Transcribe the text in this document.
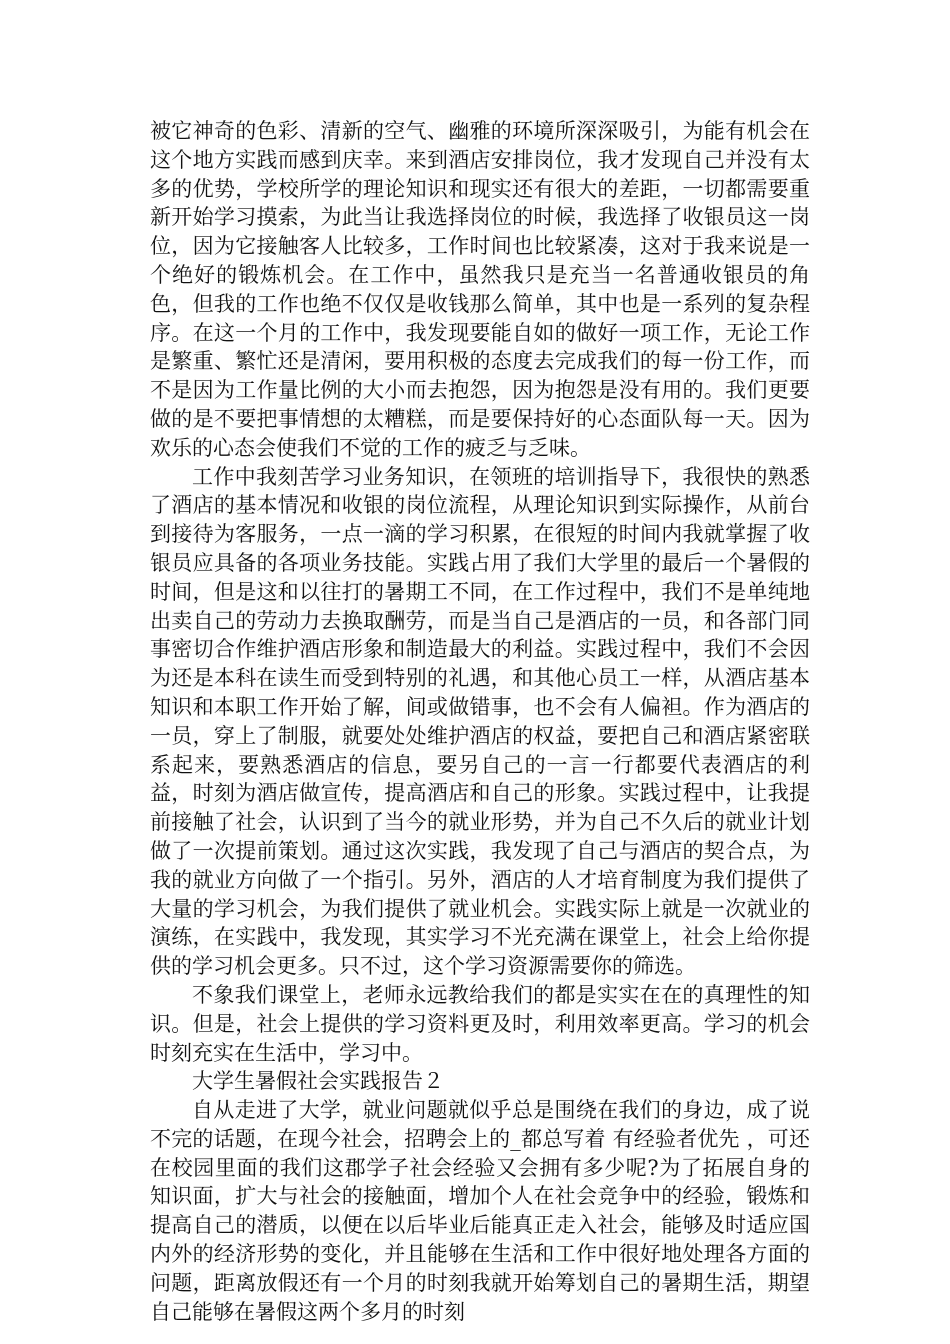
被它神奇的色彩、清新的空气、幽雅的环境所深深吸引，为能有机会在这个地方实践而感到庆幸。来到酒店安排岗位，我才发现自己并没有太多的优势，学校所学的理论知识和现实还有很大的差距，一切都需要重新开始学习摸索，为此当让我选择岗位的时候，我选择了收银员这一岗位，因为它接触客人比较多，工作时间也比较紧凑，这对于我来说是一个绝好的锻炼机会。在工作中，虽然我只是充当一名普通收银员的角色，但我的工作也绝不仅仅是收钱那么简单，其中也是一系列的复杂程序。在这一个月的工作中，我发现要能自如的做好一项工作，无论工作是繁重、繁忙还是清闲，要用积极的态度去完成我们的每一份工作，而不是因为工作量比例的大小而去抱怨，因为抱怨是没有用的。我们更要做的是不要把事情想的太糟糕，而是要保持好的心态面队每一天。因为欢乐的心态会使我们不觉的工作的疲乏与乏味。

工作中我刻苦学习业务知识，在领班的培训指导下，我很快的熟悉了酒店的基本情况和收银的岗位流程，从理论知识到实际操作，从前台到接待为客服务，一点一滴的学习积累，在很短的时间内我就掌握了收银员应具备的各项业务技能。实践占用了我们大学里的最后一个暑假的时间，但是这和以往打的暑期工不同，在工作过程中，我们不是单纯地出卖自己的劳动力去换取酬劳，而是当自己是酒店的一员，和各部门同事密切合作维护酒店形象和制造最大的利益。实践过程中，我们不会因为还是本科在读生而受到特别的礼遇，和其他心员工一样，从酒店基本知识和本职工作开始了解，间或做错事，也不会有人偏袒。作为酒店的一员，穿上了制服，就要处处维护酒店的权益，要把自己和酒店紧密联系起来，要熟悉酒店的信息，要另自己的一言一行都要代表酒店的利益，时刻为酒店做宣传，提高酒店和自己的形象。实践过程中，让我提前接触了社会，认识到了当今的就业形势，并为自己不久后的就业计划做了一次提前策划。通过这次实践，我发现了自己与酒店的契合点，为我的就业方向做了一个指引。另外，酒店的人才培育制度为我们提供了大量的学习机会，为我们提供了就业机会。实践实际上就是一次就业的演练，在实践中，我发现，其实学习不光充满在课堂上，社会上给你提供的学习机会更多。只不过，这个学习资源需要你的筛选。

不象我们课堂上，老师永远教给我们的都是实实在在的真理性的知识。但是，社会上提供的学习资料更及时，利用效率更高。学习的机会时刻充实在生活中，学习中。

大学生暑假社会实践报告２

自从走进了大学，就业问题就似乎总是围绕在我们的身边，成了说不完的话题，在现今社会，招聘会上的_都总写着 有经验者优先 ，可还在校园里面的我们这郡学子社会经验又会拥有多少呢?为了拓展自身的知识面，扩大与社会的接触面，增加个人在社会竞争中的经验，锻炼和提高自己的潜质，以便在以后毕业后能真正走入社会，能够及时适应国内外的经济形势的变化，并且能够在生活和工作中很好地处理各方面的问题，距离放假还有一个月的时刻我就开始筹划自己的暑期生活，期望自己能够在暑假这两个多月的时刻
